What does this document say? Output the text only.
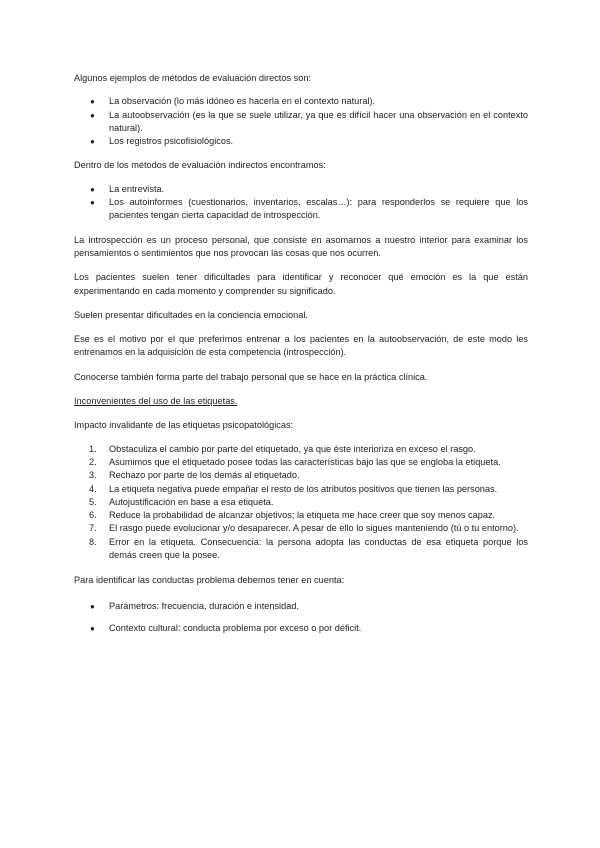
Algunos ejemplos de métodos de evaluación directos son:

●	La observación (lo más idóneo es hacerla en el contexto natural).
●	La autoobservación (es la que se suele utilizar, ya que es difícil hacer una observación en el contexto natural).
●	Los registros psicofisiológicos.

Dentro de los métodos de evaluación indirectos encontramos:

●	La entrevista.
●	Los autoinformes (cuestionarios, inventarios, escalas…): para responderlos se requiere que los pacientes tengan cierta capacidad de introspección.

La introspección es un proceso personal, que consiste en asomarnos a nuestro interior para examinar los pensamientos o sentimientos que nos provocan las cosas que nos ocurren.

Los pacientes suelen tener dificultades para identificar y reconocer qué emoción es la que están experimentando en cada momento y comprender su significado.

Suelen presentar dificultades en la conciencia emocional.

Ese es el motivo por el que preferimos entrenar a los pacientes en la autoobservación, de este modo les entrenamos en la adquisición de esta competencia (introspección).

Conocerse también forma parte del trabajo personal que se hace en la práctica clínica.

Inconvenientes del uso de las etiquetas.

Impacto invalidante de las etiquetas psicopatológicas:

1.	Obstaculiza el cambio por parte del etiquetado, ya que éste interioriza en exceso el rasgo.
2.	Asumimos que el etiquetado posee todas las características bajo las que se engloba la etiqueta.
3.	Rechazo por parte de los demás al etiquetado.
4.	La etiqueta negativa puede empañar el resto de los atributos positivos que tienen las personas.
5.	Autojustificación en base a esa etiqueta.
6.	Reduce la probabilidad de alcanzar objetivos; la etiqueta me hace creer que soy menos capaz.
7.	El rasgo puede evolucionar y/o desaparecer. A pesar de ello lo sigues manteniendo (tú o tu entorno).
8.	Error en la etiqueta. Consecuencia: la persona adopta las conductas de esa etiqueta porque los demás creen que la posee.

Para identificar las conductas problema debemos tener en cuenta:

●	Parámetros: frecuencia, duración e intensidad.
●	Contexto cultural: conducta problema por exceso o por déficit.
